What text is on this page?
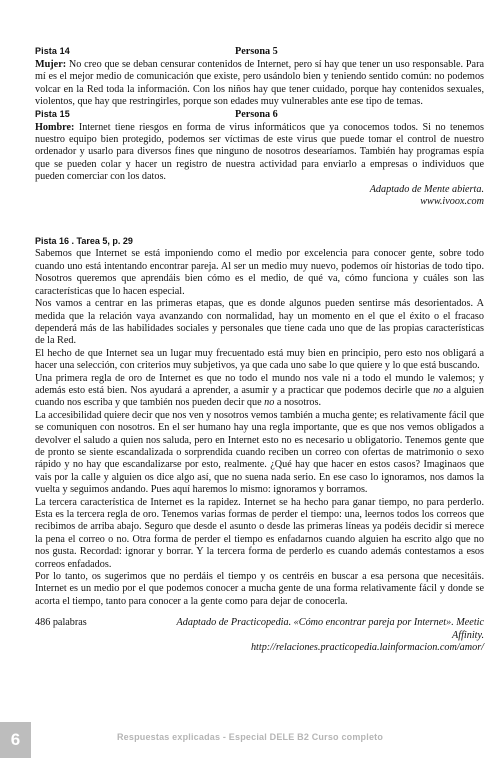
Pista 14	Persona 5

Mujer: No creo que se deban censurar contenidos de Internet, pero sí hay que tener un uso responsable. Para mí es el mejor medio de comunicación que existe, pero usándolo bien y teniendo sentido común: no podemos volcar en la Red toda la información. Con los niños hay que tener cuidado, porque hay contenidos sexuales, violentos, que hay que restringirles, porque son edades muy vulnerables ante ese tipo de temas.

Pista 15	Persona 6

Hombre: Internet tiene riesgos en forma de virus informáticos que ya conocemos todos. Si no tenemos nuestro equipo bien protegido, podemos ser víctimas de este virus que puede tomar el control de nuestro ordenador y usarlo para diversos fines que ninguno de nosotros desearíamos. También hay programas espía que se pueden colar y hacer un registro de nuestra actividad para enviarlo a empresas o individuos que pueden comerciar con los datos.

Adaptado de Mente abierta.
www.ivoox.com
Pista 16 . Tarea 5, p. 29

Sabemos que Internet se está imponiendo como el medio por excelencia para conocer gente, sobre todo cuando uno está intentando encontrar pareja. Al ser un medio muy nuevo, podemos oír historias de todo tipo. Nosotros queremos que aprendáis bien cómo es el medio, de qué va, cómo funciona y cuáles son las características que lo hacen especial.

Nos vamos a centrar en las primeras etapas, que es donde algunos pueden sentirse más desorientados. A medida que la relación vaya avanzando con normalidad, hay un momento en el que el éxito o el fracaso dependerá más de las habilidades sociales y personales que tiene cada uno que de las propias características de la Red.

El hecho de que Internet sea un lugar muy frecuentado está muy bien en principio, pero esto nos obligará a hacer una selección, con criterios muy subjetivos, ya que cada uno sabe lo que quiere y lo que está buscando.

Una primera regla de oro de Internet es que no todo el mundo nos vale ni a todo el mundo le valemos; y además esto está bien. Nos ayudará a aprender, a asumir y a practicar que podemos decirle que no a alguien cuando nos escriba y que también nos pueden decir que no a nosotros.

La accesibilidad quiere decir que nos ven y nosotros vemos también a mucha gente; es relativamente fácil que se comuniquen con nosotros. En el ser humano hay una regla importante, que es que nos vemos obligados a devolver el saludo a quien nos saluda, pero en Internet esto no es necesario u obligatorio. Tenemos gente que de pronto se siente escandalizada o sorprendida cuando reciben un correo con ofertas de matrimonio o sexo rápido y no hay que escandalizarse por esto, realmente. ¿Qué hay que hacer en estos casos? Imaginaos que vais por la calle y alguien os dice algo así, que no suena nada serio. En ese caso lo ignoramos, nos damos la vuelta y seguimos andando. Pues aquí haremos lo mismo: ignoramos y borramos.

La tercera característica de Internet es la rapidez. Internet se ha hecho para ganar tiempo, no para perderlo. Esta es la tercera regla de oro. Tenemos varias formas de perder el tiempo: una, leernos todos los correos que recibimos de arriba abajo. Seguro que desde el asunto o desde las primeras líneas ya podéis decidir si merece la pena el correo o no. Otra forma de perder el tiempo es enfadarnos cuando alguien ha escrito algo que no nos gusta. Recordad: ignorar y borrar. Y la tercera forma de perderlo es cuando además contestamos a esos correos enfadados.

Por lo tanto, os sugerimos que no perdáis el tiempo y os centréis en buscar a esa persona que necesitáis. Internet es un medio por el que podemos conocer a mucha gente de una forma relativamente fácil y donde se acorta el tiempo, tanto para conocer a la gente como para dejar de conocerla.

486 palabras	Adaptado de Practicopedia. «Cómo encontrar pareja por Internet». Meetic Affinity.
http://relaciones.practicopedia.lainformacion.com/amor/
6	Respuestas explicadas - Especial DELE B2 Curso completo
